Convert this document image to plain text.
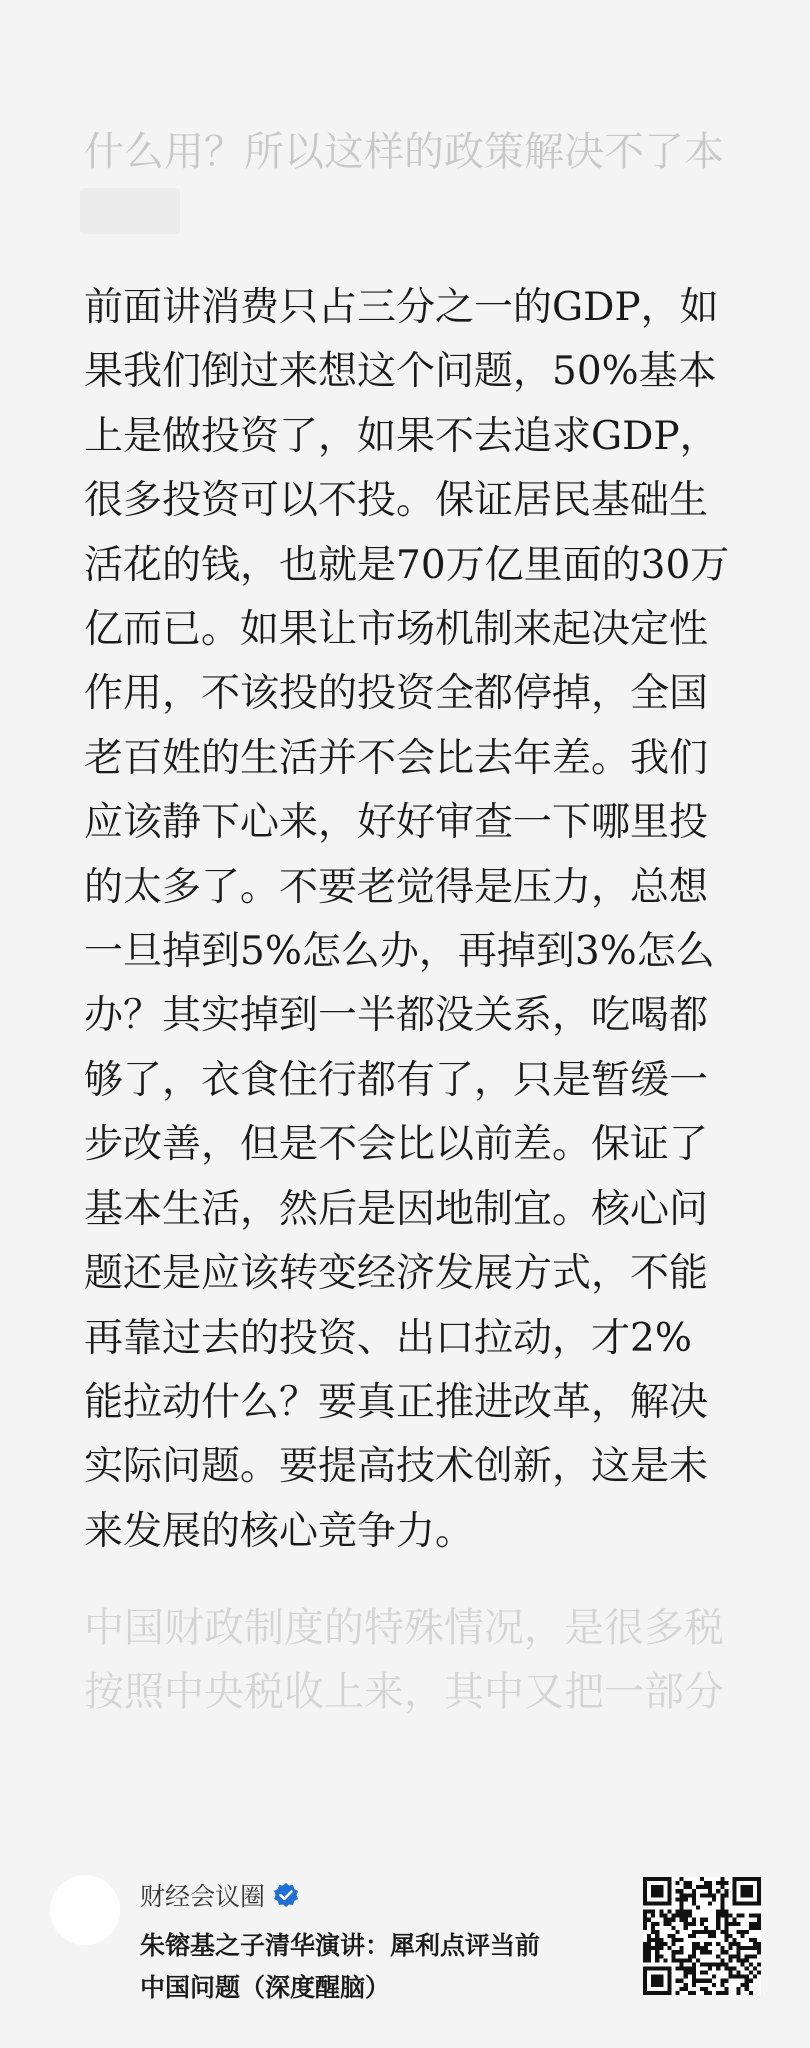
什么用？所以这样的政策解决不了本
前面讲消费只占三分之一的GDP，如
果我们倒过来想这个问题，50%基本
上是做投资了，如果不去追求GDP，
很多投资可以不投。保证居民基础生
活花的钱，也就是70万亿里面的30万
亿而已。如果让市场机制来起决定性
作用，不该投的投资全都停掉，全国
老百姓的生活并不会比去年差。我们
应该静下心来，好好审查一下哪里投
的太多了。不要老觉得是压力，总想
一旦掉到5%怎么办，再掉到3%怎么
办？其实掉到一半都没关系，吃喝都
够了，衣食住行都有了，只是暂缓一
步改善，但是不会比以前差。保证了
基本生活，然后是因地制宜。核心问
题还是应该转变经济发展方式，不能
再靠过去的投资、出口拉动，才2%
能拉动什么？要真正推进改革，解决
实际问题。要提高技术创新，这是未
来发展的核心竞争力。
中国财政制度的特殊情况，是很多税
按照中央税收上来，其中又把一部分
财经会议圈
朱镕基之子清华演讲：犀利点评当前
中国问题（深度醒脑）
